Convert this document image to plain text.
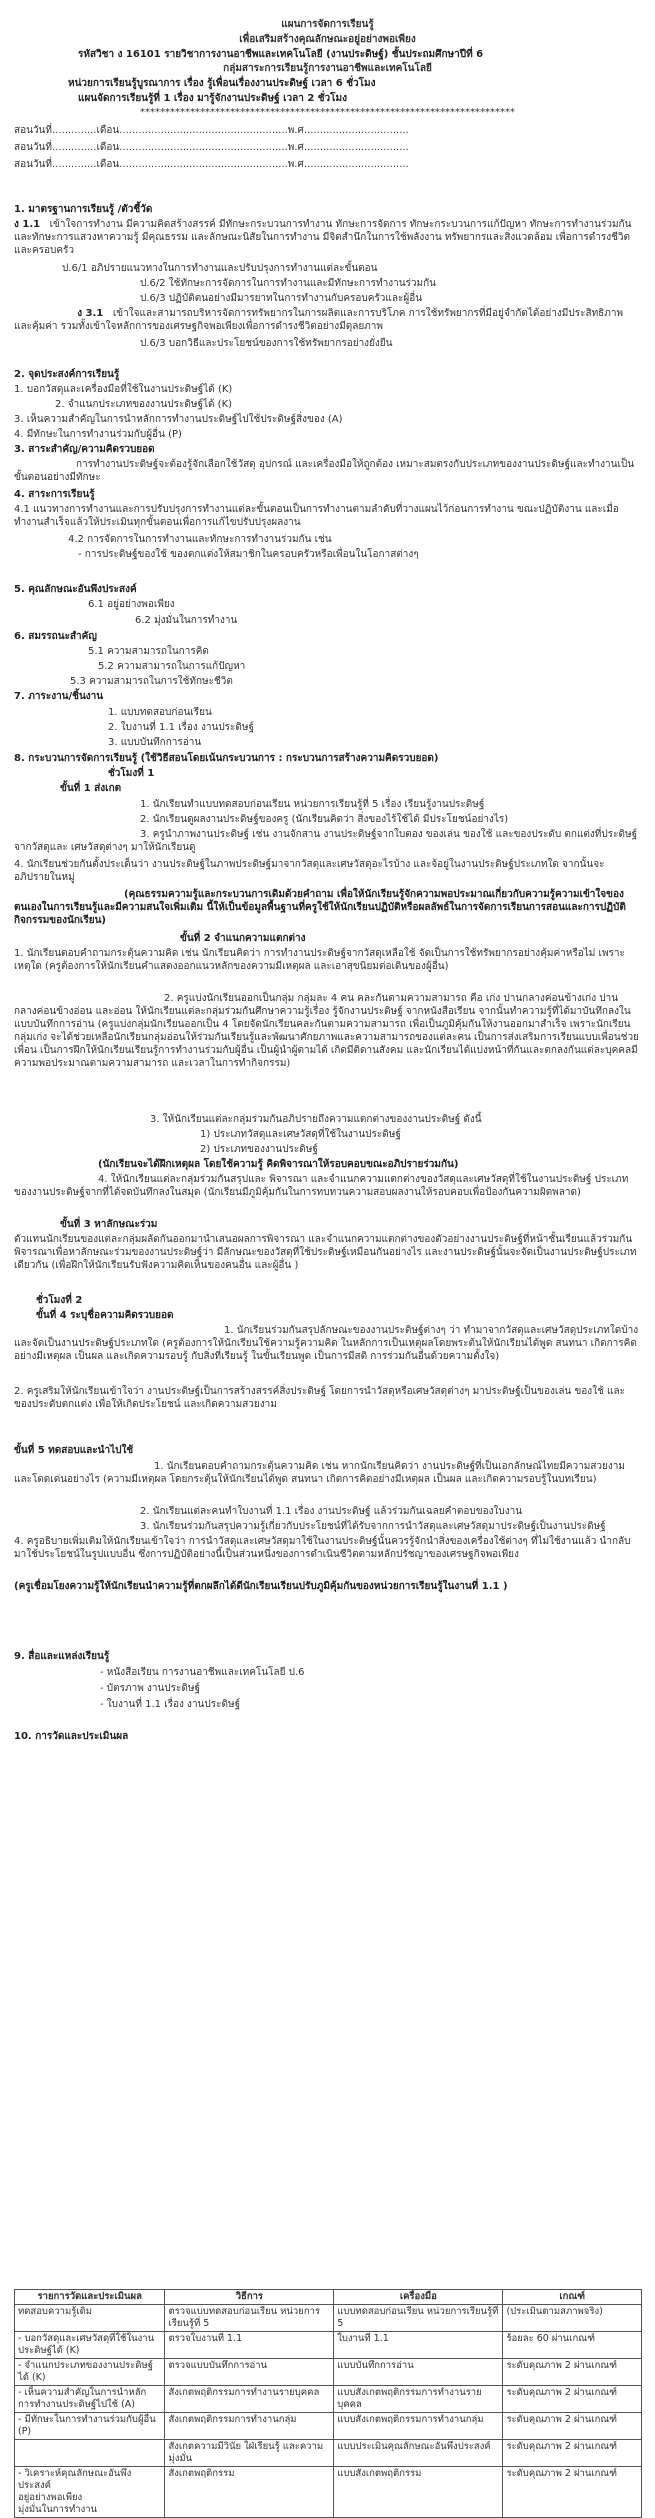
แผนการจัดการเรียนรู้
เพื่อเสริมสร้างคุณลักษณะอยู่อย่างพอเพียง
รหัสวิชา ง 16101 รายวิชาการงานอาชีพและเทคโนโลยี (งานประดิษฐ์) ชั้นประถมศึกษาปีที่ 6
กลุ่มสาระการเรียนรู้การงานอาชีพและเทคโนโลยี
หน่วยการเรียนรู้บูรณาการ เรื่อง รู้เพื่อนเรื่องงานประดิษฐ์ เวลา 6 ชั่วโมง
แผนจัดการเรียนรู้ที่ 1 เรื่อง มารู้จักงานประดิษฐ์ เวลา 2 ชั่วโมง
***************************************************************************
สอนวันที่..............เดือน.....................................................พ.ศ.................................
สอนวันที่..............เดือน.....................................................พ.ศ.................................
สอนวันที่..............เดือน.....................................................พ.ศ.................................
1. มาตรฐานการเรียนรู้ /ตัวชี้วัด
ง 1.1 เข้าใจการทำงาน มีความคิดสร้างสรรค์ มีทักษะกระบวนการทำงาน ทักษะการจัดการ ทักษะกระบวนการแก้ปัญหา ทักษะการทำงานร่วมกัน และทักษะการแสวงหาความรู้ มีคุณธรรม และลักษณะนิสัยในการทำงาน มีจิตสำนึกในการใช้พลังงาน ทรัพยากรและสิ่งแวดล้อม เพื่อการดำรงชีวิตและครอบครัว
ป.6/1 อภิปรายแนวทางในการทำงานและปรับปรุงการทำงานแต่ละขั้นตอน
ป.6/2 ใช้ทักษะการจัดการในการทำงานและมีทักษะการทำงานร่วมกัน
ป.6/3 ปฏิบัติตนอย่างมีมารยาทในการทำงานกับครอบครัวและผู้อื่น
ง 3.1 เข้าใจและสามารถบริหารจัดการทรัพยากรในการผลิตและการบริโภค การใช้ทรัพยากรที่มีอยู่จำกัดได้อย่างมีประสิทธิภาพและคุ้มค่า รวมทั้งเข้าใจหลักการของเศรษฐกิจพอเพียงเพื่อการดำรงชีวิตอย่างมีดุลยภาพ
ป.6/3 บอกวิธีและประโยชน์ของการใช้ทรัพยากรอย่างยั่งยืน
2. จุดประสงค์การเรียนรู้
1. บอกวัสดุและเครื่องมือที่ใช้ในงานประดิษฐ์ได้ (K)
2. จำแนกประเภทของงานประดิษฐ์ได้ (K)
3. เห็นความสำคัญในการนำหลักการทำงานประดิษฐ์ไปใช้ประดิษฐ์สิ่งของ (A)
4. มีทักษะในการทำงานร่วมกับผู้อื่น (P)
3. สาระสำคัญ/ความคิดรวบยอด
การทำงานประดิษฐ์จะต้องรู้จักเลือกใช้วัสดุ อุปกรณ์ และเครื่องมือให้ถูกต้อง เหมาะสมตรงกับประเภทของงานประดิษฐ์และทำงานเป็นขั้นตอนอย่างมีทักษะ
4. สาระการเรียนรู้
4.1 แนวทางการทำงานและการปรับปรุงการทำงานแต่ละขั้นตอนเป็นการทำงานตามลำดับที่วางแผนไว้ก่อนการทำงาน ขณะปฏิบัติงาน และเมื่อทำงานสำเร็จแล้วให้ประเมินทุกขั้นตอนเพื่อการแก้ไขปรับปรุงผลงาน
4.2 การจัดการในการทำงานและทักษะการทำงานร่วมกัน เช่น
- การประดิษฐ์ของใช้ ของตกแต่งให้สมาชิกในครอบครัวหรือเพื่อนในโอกาสต่างๆ
5. คุณลักษณะอันพึงประสงค์
6.1 อยู่อย่างพอเพียง
6.2 มุ่งมั่นในการทำงาน
6. สมรรถนะสำคัญ
5.1 ความสามารถในการคิด
5.2 ความสามารถในการแก้ปัญหา
5.3 ความสามารถในการใช้ทักษะชีวิต
7. ภาระงาน/ชิ้นงาน
1. แบบทดสอบก่อนเรียน
2. ใบงานที่ 1.1 เรื่อง งานประดิษฐ์
3. แบบบันทึกการอ่าน
8. กระบวนการจัดการเรียนรู้ (ใช้วิธีสอนโดยเน้นกระบวนการ : กระบวนการสร้างความคิดรวบยอด)
ชั่วโมงที่ 1
ขั้นที่ 1 ส่งเกต
1. นักเรียนทำแบบทดสอบก่อนเรียน หน่วยการเรียนรู้ที่ 5 เรื่อง เรียนรู้งานประดิษฐ์
2. นักเรียนดูผลงานประดิษฐ์ของครู (นักเรียนคิดว่า สิ่งของไร้ใช้ได้ มีประโยชน์อย่างไร)
3. ครูนำภาพงานประดิษฐ์ เช่น งานจักสาน งานประดิษฐ์จากใบตอง ของเล่น ของใช้ และของประดับ ตกแต่งที่ประดิษฐ์จากวัสดุและ เศษวัสดุต่างๆ มาให้นักเรียนดู
4. นักเรียนช่วยกันตั้งประเด็นว่า งานประดิษฐ์ในภาพประดิษฐ์มาจากวัสดุและเศษวัสดุอะไรบ้าง และจ้อยู่ในงานประดิษฐ์ประเภทใด จากนั้นจะอภิปรายในหมู่
(คุณธรรมความรู้และกระบวนการเดิมด้วยคำถาม เพื่อให้นักเรียนรู้จักความพอประมาณเกี่ยวกับความรู้ความเข้าใจของตนเองในการเรียนรู้และมีความสนใจเพิ่มเติม นี้ให้เป็นข้อมูลพื้นฐานที่ครูใช้ให้นักเรียนปฏิบัติหรือผลลัพธ์ในการจัดการเรียนการสอนและการปฏิบัติกิจกรรมของนักเรียน)
ขั้นที่ 2 จำแนกความแตกต่าง
1. นักเรียนตอบคำถามกระตุ้นความคิด เช่น นักเรียนคิดว่า การทำงานประดิษฐ์จากวัสดุเหลือใช้ จัดเป็นการใช้ทรัพยากรอย่างคุ้มค่าหรือไม่ เพราะเหตุใด (ครูต้องการให้นักเรียนคำแสดงออกแนวหลักของความมีเหตุผล และเอาสุขนิยมต่อเดินของผู้อื่น)
2. ครูแบ่งนักเรียนออกเป็นกลุ่ม กลุ่มละ 4 คน คละกันตามความสามารถ คือ เก่ง ปานกลางค่อนข้างเก่ง ปานกลางค่อนข้างอ่อน และอ่อน ให้นักเรียนแต่ละกลุ่มร่วมกันศึกษาความรู้เรื่อง รู้จักงานประดิษฐ์ จากหนังสือเรียน จากนั้นทำความรู้ที่ได้มาบันทึกลงในแบบบันทึกการอ่าน (ครูแบ่งกลุ่มนักเรียนออกเป็น 4 โดยจัดนักเรียนคละกันตามความสามารถ เพื่อเป็นภูมิคุ้มกันให้งานออกมาสำเร็จ เพราะนักเรียนกลุ่มเก่ง จะได้ช่วยเหลือนักเรียนกลุ่มอ่อนให้ร่วมกันเรียนรู้และพัฒนาศักยภาพและความสามารถของแต่ละคน เป็นการส่งเสริมการเรียนแบบเพื่อนช่วยเพื่อน เป็นการฝึกให้นักเรียนเรียนรู้การทำงานร่วมกับผู้อื่น เป็นผู้นำผู้ตามได้ เกิดมีติดานสังคม และนักเรียนได้แบ่งหน้าที่กันและตกลงกันแต่ละบุคคลมีความพอประมาณตามความสามารถ และเวลาในการทำกิจกรรม)
3. ให้นักเรียนแต่ละกลุ่มร่วมกันอภิปรายถึงความแตกต่างของงานประดิษฐ์ ดังนี้
1) ประเภทวัสดุและเศษวัสดุที่ใช้ในงานประดิษฐ์
2) ประเภทของงานประดิษฐ์
(นักเรียนจะได้ฝึกเหตุผล โดยใช้ความรู้ คิดพิจารณาให้รอบคอบขณะอภิปรายร่วมกัน)
4. ให้นักเรียนแต่ละกลุ่มร่วมกันสรุปและ พิจารณา และจำแนกความแตกต่างของวัสดุและเศษวัสดุที่ใช้ในงานประดิษฐ์ ประเภทของงานประดิษฐ์จากที่ได้จดบันทึกลงในสมุด (นักเรียนมีภูมิคุ้มกันในการทบทวนความสอบผลงานให้รอบคอบเพื่อป้องกันความผิดพลาด)
ขั้นที่ 3 หาลักษณะร่วม
ตัวแทนนักเรียนของแต่ละกลุ่มผลัดกันออกมานำเสนอผลการพิจารณา และจำแนกความแตกต่างของตัวอย่างงานประดิษฐ์ที่หน้าชั้นเรียนแล้วร่วมกันพิจารณาเพื่อหาลักษณะร่วมของงานประดิษฐ์ว่า มีลักษณะของวัสดุที่ใช้ประดิษฐ์เหมือนกันอย่างไร และงานประดิษฐ์นั้นจะจัดเป็นงานประดิษฐ์ประเภทเดียวกัน (เพื่อฝึกให้นักเรียนรับฟังความคิดเห็นของคนอื่น และผู้อื่น )
ชั่วโมงที่ 2
ขั้นที่ 4 ระบุชื่อความคิดรวบยอด
1. นักเรียนร่วมกันสรุปลักษณะของงานประดิษฐ์ต่างๆ ว่า ทำมาจากวัสดุและเศษวัสดุประเภทใดบ้าง และจัดเป็นงานประดิษฐ์ประเภทใด (ครูต้องการให้นักเรียนใช้ความรู้ความคิด ในหลักการเป็นเหตุผลโดยพระต้นให้นักเรียนได้พูด สนทนา เกิดการคิดอย่างมีเหตุผล เป็นผล และเกิดความรอบรู้ กับสิ่งที่เรียนรู้ ในขั้นเรียนพูด เป็นการมีสติ การร่วมกันอื่นด้วยความตั้งใจ)
2. ครูเสริมให้นักเรียนเข้าใจว่า งานประดิษฐ์เป็นการสร้างสรรค์สิ่งประดิษฐ์ โดยการนำวัสดุหรือเศษวัสดุต่างๆ มาประดิษฐ์เป็นของเล่น ของใช้ และของประดับตกแต่ง เพื่อให้เกิดประโยชน์ และเกิดความสวยงาม
ขั้นที่ 5 ทดสอบและนำไปใช้
1. นักเรียนตอบคำถามกระตุ้นความคิด เช่น หากนักเรียนคิดว่า งานประดิษฐ์ที่เป็นเอกลักษณ์ไทยมีความสวยงามและโดดเด่นอย่างไร (ความมีเหตุผล โดยกระตุ้นให้นักเรียนได้พูด สนทนา เกิดการคิดอย่างมีเหตุผล เป็นผล และเกิดความรอบรู้ในบทเรียน)
2. นักเรียนแต่ละคนทำใบงานที่ 1.1 เรื่อง งานประดิษฐ์ แล้วร่วมกันเฉลยคำตอบของใบงาน
3. นักเรียนร่วมกันสรุปความรู้เกี่ยวกับประโยชน์ที่ได้รับจากการนำวัสดุและเศษวัสดุมาประดิษฐ์เป็นงานประดิษฐ์
4. ครูอธิบายเพิ่มเติมให้นักเรียนเข้าใจว่า การนำวัสดุและเศษวัสดุมาใช้ในงานประดิษฐ์นั้นควรรู้จักนำสิ่งของเครื่องใช้ต่างๆ ที่ไม่ใช้งานแล้ว นำกลับมาใช้ประโยชน์ในรูปแบบอื่น ซึ่งการปฏิบัติอย่างนี้เป็นส่วนหนึ่งของการดำเนินชีวิตตามหลักปรัชญาของเศรษฐกิจพอเพียง
(ครูเชื่อมโยงความรู้ให้นักเรียนนำความรู้ที่ตกผลึกได้ดีนักเรียนเรียนปรับภูมิคุ้มกันของหน่วยการเรียนรู้ในงานที่ 1.1 )
9. สื่อและแหล่งเรียนรู้
- หนังสือเรียน การงานอาชีพและเทคโนโลยี ป.6
- บัตรภาพ งานประดิษฐ์
- ใบงานที่ 1.1 เรื่อง งานประดิษฐ์
10. การวัดและประเมินผล
รายการวัดและประเมินผล	วิธีการ	เครื่องมือ	เกณฑ์
ทดสอบความรู้เดิม	ตรวจแบบทดสอบก่อนเรียน หน่วยการเรียนรู้ที่ 5	แบบทดสอบก่อนเรียน หน่วยการเรียนรู้ที่ 5	(ประเมินตามสภาพจริง)
- บอกวัสดุและเศษวัสดุที่ใช้ในงานประดิษฐ์ได้ (K)	ตรวจใบงานที่ 1.1	ใบงานที่ 1.1	ร้อยละ 60 ผ่านเกณฑ์
- จำแนกประเภทของงานประดิษฐ์ได้ (K)	ตรวจแบบบันทึกการอ่าน	แบบบันทึกการอ่าน	ระดับคุณภาพ 2 ผ่านเกณฑ์
- เห็นความสำคัญในการนำหลักการทำงานประดิษฐ์ไปใช้ (A)	สังเกตพฤติกรรมการทำงานรายบุคคล	แบบสังเกตพฤติกรรมการทำงานรายบุคคล	ระดับคุณภาพ 2 ผ่านเกณฑ์
- มีทักษะในการทำงานร่วมกับผู้อื่น (P)	สังเกตพฤติกรรมการทำงานกลุ่ม	แบบสังเกตพฤติกรรมการทำงานกลุ่ม	ระดับคุณภาพ 2 ผ่านเกณฑ์
	สังเกตความมีวินัย ใฝ่เรียนรู้ และความมุ่งมั่น	แบบประเมินคุณลักษณะอันพึงประสงค์	ระดับคุณภาพ 2 ผ่านเกณฑ์
- วิเคราะห์คุณลักษณะอันพึงประสงค์
อยู่อย่างพอเพียง
มุ่งมั่นในการทำงาน	สังเกตพฤติกรรม	แบบสังเกตพฤติกรรม	ระดับคุณภาพ 2 ผ่านเกณฑ์
